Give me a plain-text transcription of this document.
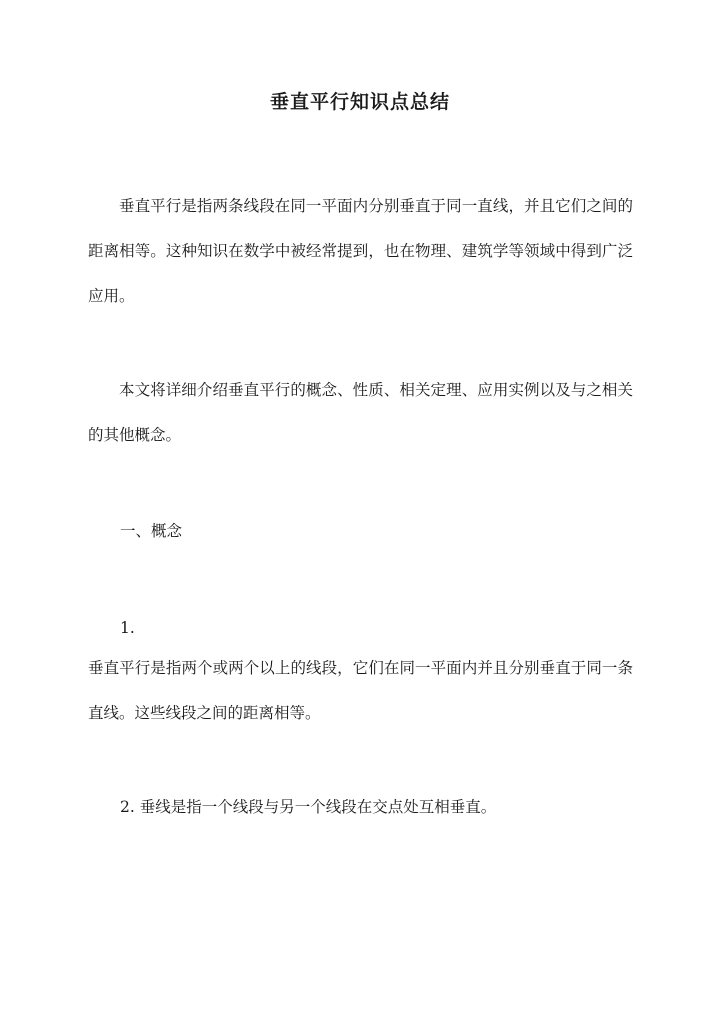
垂直平行知识点总结

垂直平行是指两条线段在同一平面内分别垂直于同一直线，并且它们之间的距离相等。这种知识在数学中被经常提到，也在物理、建筑学等领域中得到广泛应用。

本文将详细介绍垂直平行的概念、性质、相关定理、应用实例以及与之相关的其他概念。

一、概念

1.

垂直平行是指两个或两个以上的线段，它们在同一平面内并且分别垂直于同一条直线。这些线段之间的距离相等。

2. 垂线是指一个线段与另一个线段在交点处互相垂直。
